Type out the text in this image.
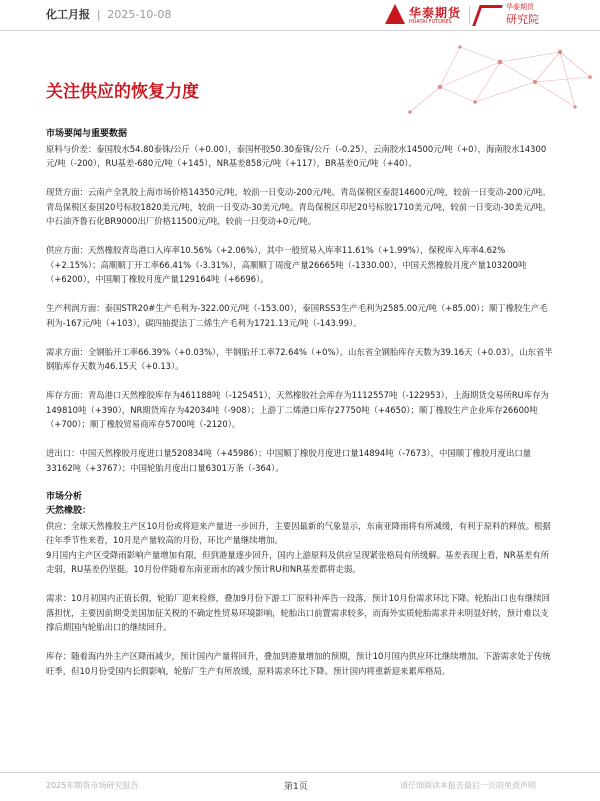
化工月报 | 2025-10-08	华泰期货
HUATAI FUTURES
华泰期货
研究院
关注供应的恢复力度

市场要闻与重要数据

原料与价差：泰国胶水54.80泰铢/公斤（+0.00），泰国杯胶50.30泰铢/公斤（-0.25），云南胶水14500元/吨（+0），海南胶水14300元/吨（-200），RU基差-680元/吨（+145），NR基差858元/吨（+117），BR基差0元/吨（+40）。

现货方面：云南产全乳胶上海市场价格14350元/吨，较前一日变动-200元/吨。青岛保税区泰混14600元/吨，较前一日变动-200元/吨。青岛保税区泰国20号标胶1820美元/吨，较前一日变动-30美元/吨。青岛保税区印尼20号标胶1710美元/吨，较前一日变动-30美元/吨。中石油齐鲁石化BR9000出厂价格11500元/吨，较前一日变动+0元/吨。

供应方面：天然橡胶青岛港口入库率10.56%（+2.06%），其中一般贸易入库率11.61%（+1.99%），保税库入库率4.62%（+2.15%）；高顺顺丁开工率66.41%（-3.31%），高顺顺丁周度产量26665吨（-1330.00），中国天然橡胶月度产量103200吨（+6200），中国顺丁橡胶月度产量129164吨（+6696）。

生产利润方面：泰国STR20#生产毛利为-322.00元/吨（-153.00），泰国RSS3生产毛利为2585.00元/吨（+85.00）；顺丁橡胶生产毛利为-167元/吨（+103），碳四抽提法丁二烯生产毛利为1721.13元/吨（-143.99）。

需求方面：全钢胎开工率66.39%（+0.03%），半钢胎开工率72.64%（+0%）。山东省全钢胎库存天数为39.16天（+0.03），山东省半钢胎库存天数为46.15天（+0.13）。

库存方面：青岛港口天然橡胶库存为461188吨（-125451），天然橡胶社会库存为1112557吨（-122953），上海期货交易所RU库存为149810吨（+390），NR期货库存为42034吨（-908）；上游丁二烯港口库存27750吨（+4650）；顺丁橡胶生产企业库存26600吨（+700）；顺丁橡胶贸易商库存5700吨（-2120）。

进出口：中国天然橡胶月度进口量520834吨（+45986）；中国顺丁橡胶月度进口量14894吨（-7673），中国顺丁橡胶月度出口量33162吨（+3767）；中国轮胎月度出口量6301万条（-364）。

市场分析

天然橡胶：

供应：全球天然橡胶主产区10月份或将迎来产量进一步回升，主要因最新的气象显示，东南亚降雨将有所减缓，有利于原料的释放。根据往年季节性来看，10月是产量较高的月份，环比产量继续增加。

9月国内主产区受降雨影响产量增加有限，但到港量逐步回升，国内上游原料及供应呈现紧张格局有所缓解。基差表现上看，NR基差有所走弱，RU基差仍坚挺。10月份伴随着东南亚雨水的减少预计RU和NR基差都将走弱。

需求：10月初国内正值长假，轮胎厂迎来检修，叠加9月份下游工厂原料补库告一段落，预计10月份需求环比下降。轮胎出口也有继续回落担忧，主要因前期受美国加征关税的不确定性贸易环境影响，轮胎出口前置需求较多，而海外实质轮胎需求并未明显好转，预计难以支撑后期国内轮胎出口的继续回升。

库存：随着海内外主产区降雨减少，预计国内产量将回升，叠加到港量增加的预期，预计10月国内供应环比继续增加。下游需求处于传统旺季，但10月份受国内长假影响，轮胎厂生产有所放缓，原料需求环比下降。预计国内将重新迎来累库格局。

2025年期货市场研究报告	第1页	请仔细阅读本报告最后一页的免责声明
